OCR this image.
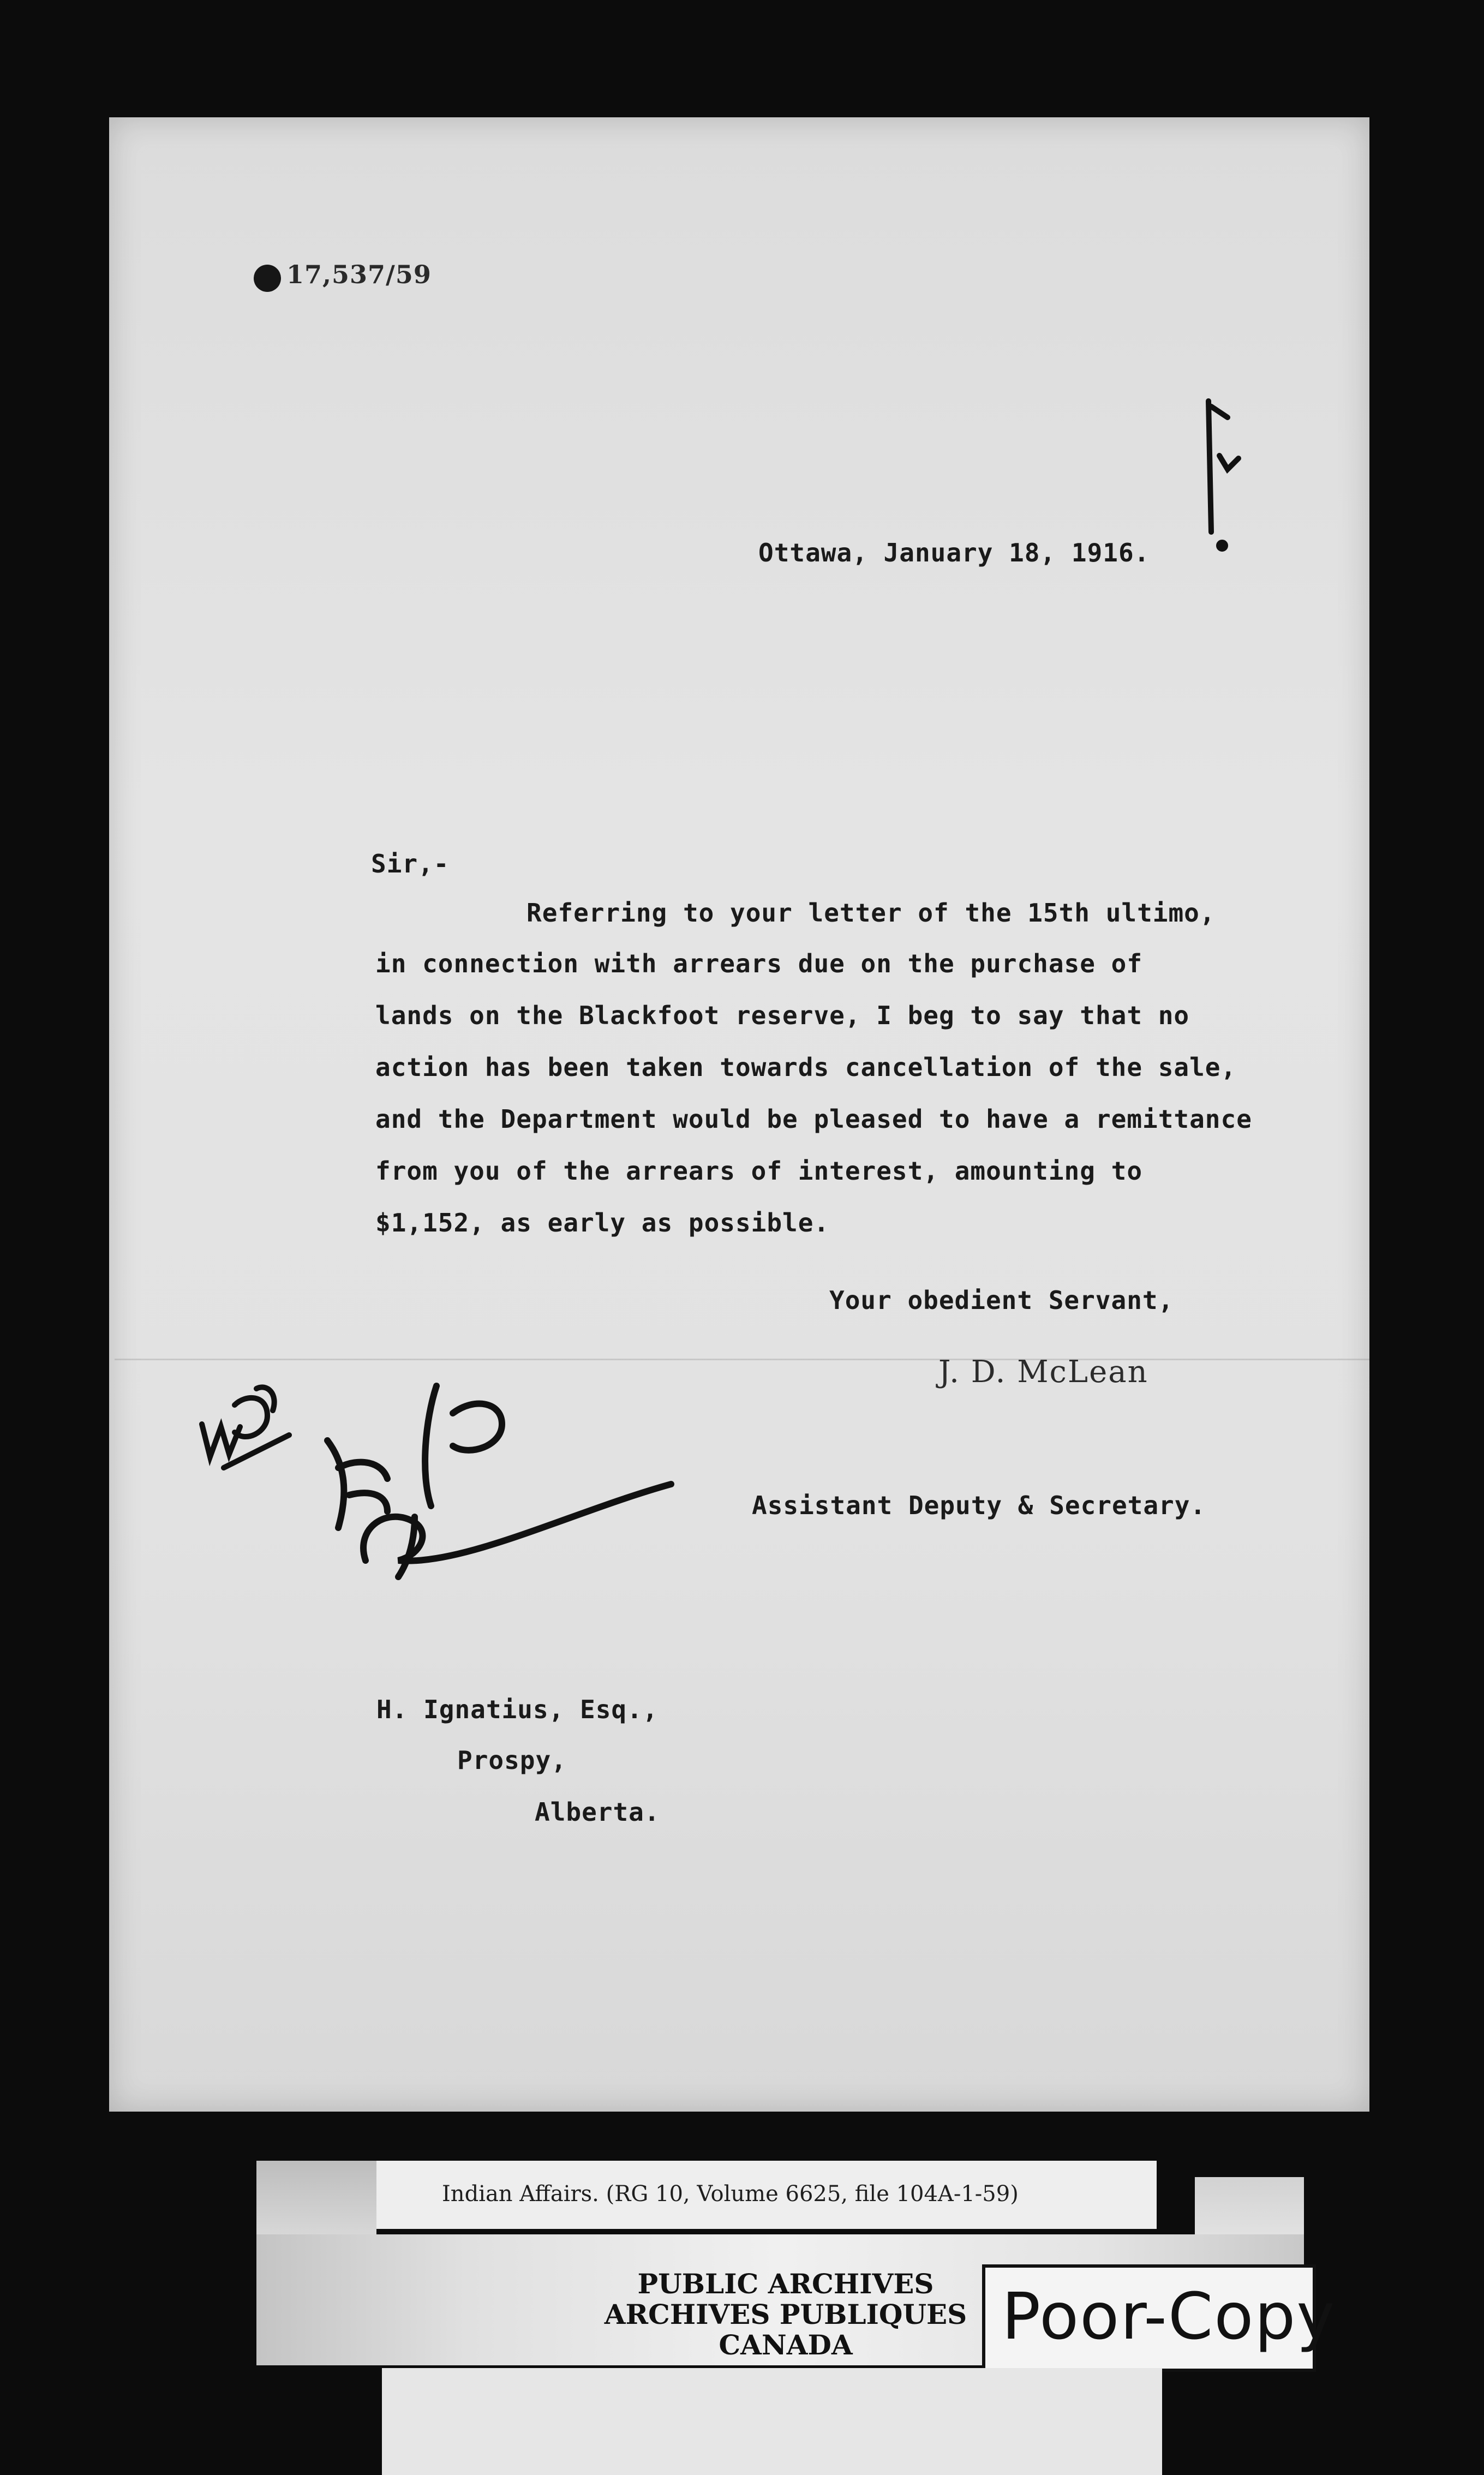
17,537/59
Ottawa, January 18, 1916.
Sir,-
Referring to your letter of the 15th ultimo,
in connection with arrears due on the purchase of
lands on the Blackfoot reserve, I beg to say that no
action has been taken towards cancellation of the sale,
and the Department would be pleased to have a remittance
from you of the arrears of interest, amounting to
$1,152, as early as possible.
Your obedient Servant,
J. D. McLean
Assistant Deputy & Secretary.
H. Ignatius, Esq.,
Prospy,
Alberta.
Indian Affairs. (RG 10, Volume 6625, file 104A-1-59)
PUBLIC ARCHIVES
ARCHIVES PUBLIQUES
CANADA	Poor-Copy
